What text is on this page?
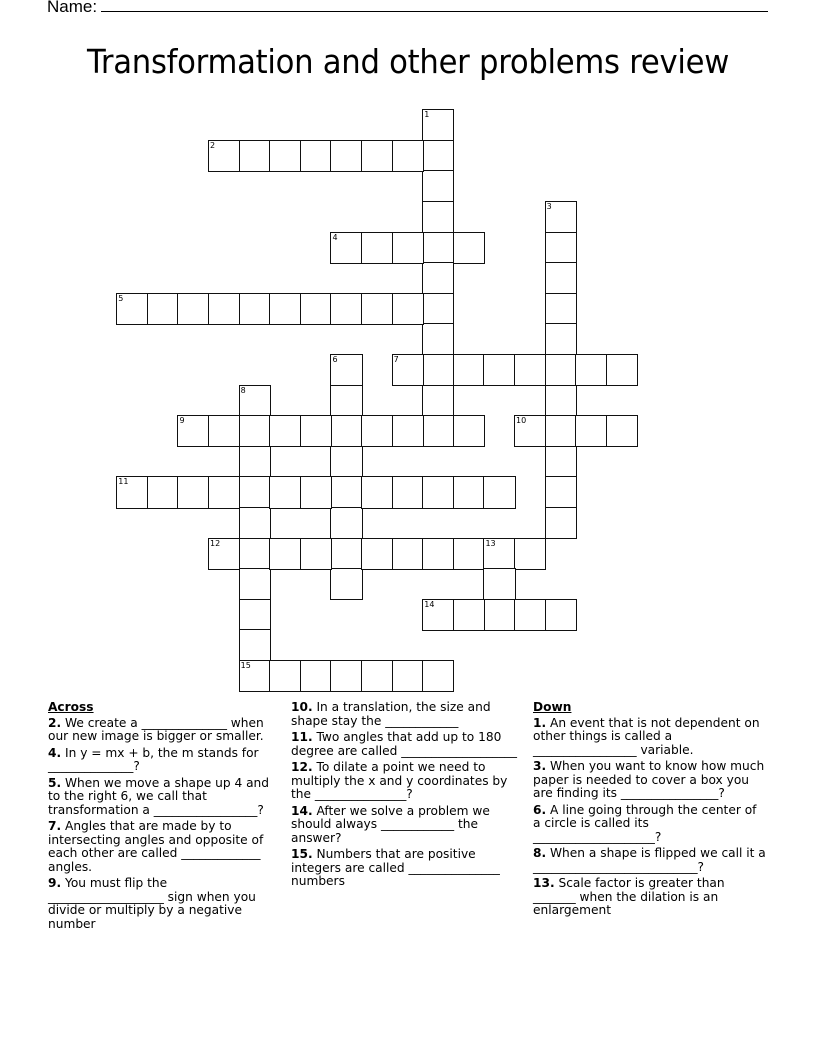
Name:
Transformation and other problems review
1
2
3
4
5
6	7
8
15
9	10
11
12	13
14
Across
2. We create a ______________ when our new image is bigger or smaller.
4. In y = mx + b, the m stands for ______________?
5. When we move a shape up 4 and to the right 6, we call that transformation a _________________?
7. Angles that are made by to intersecting angles and opposite of each other are called _____________ angles.
9. You must flip the ___________________ sign when you divide or multiply by a negative number
10. In a translation, the size and shape stay the ____________
11. Two angles that add up to 180 degree are called ___________________
12. To dilate a point we need to multiply the x and y coordinates by the _______________?
14. After we solve a problem we should always ____________ the answer?
15. Numbers that are positive integers are called _______________ numbers
Down
1. An event that is not dependent on other things is called a _________________ variable.
3. When you want to know how much paper is needed to cover a box you are finding its ________________?
6. A line going through the center of a circle is called its ____________________?
8. When a shape is flipped we call it a ___________________________?
13. Scale factor is greater than _______ when the dilation is an enlargement
